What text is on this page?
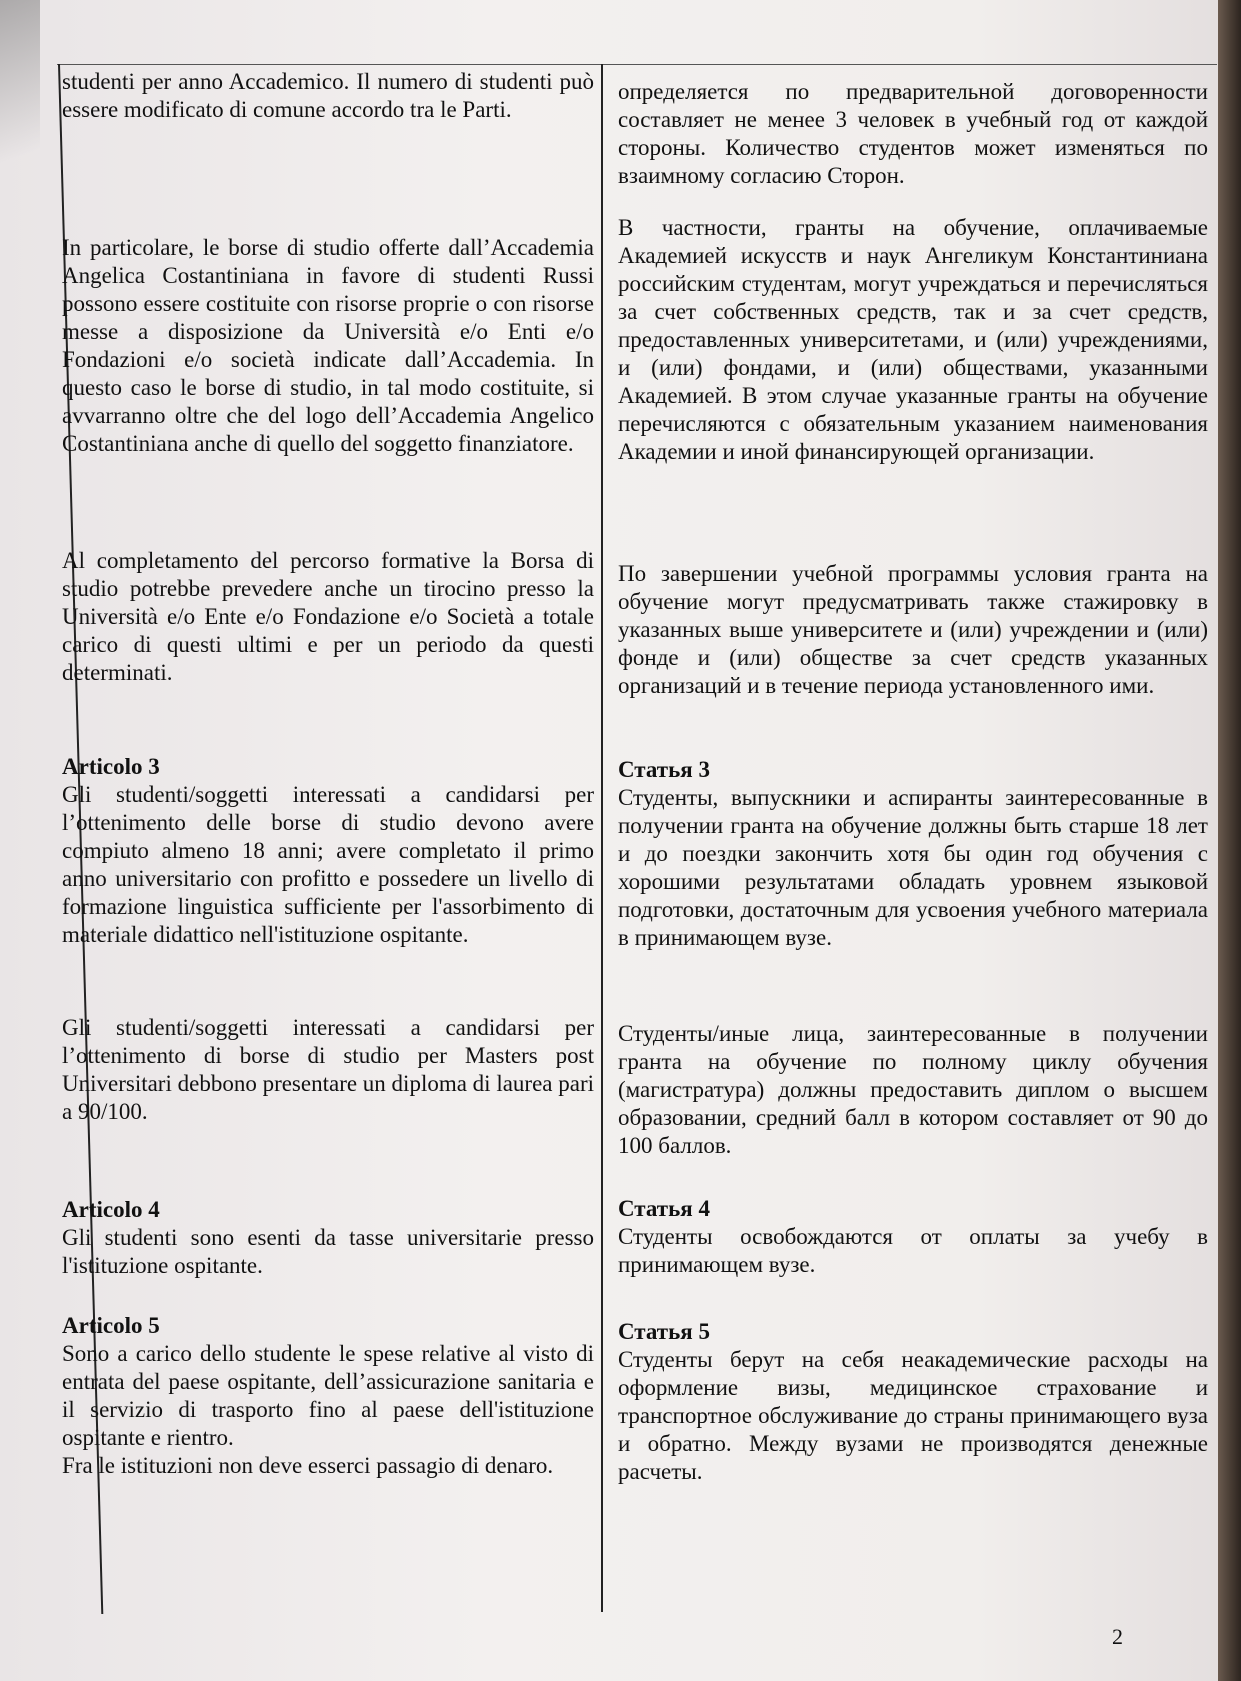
studenti per anno Accademico. Il numero di studenti può essere modificato di comune accordo tra le Parti.

In particolare, le borse di studio offerte dall’Accademia Angelica Costantiniana in favore di studenti Russi possono essere costituite con risorse proprie o con risorse messe a disposizione da Università e/o Enti e/o Fondazioni e/o società indicate dall’Accademia. In questo caso le borse di studio, in tal modo costituite, si avvarranno oltre che del logo dell’Accademia Angelico Costantiniana anche di quello del soggetto finanziatore.

Al completamento del percorso formative la Borsa di studio potrebbe prevedere anche un tirocino presso la Università e/o Ente e/o Fondazione e/o Società a totale carico di questi ultimi e per un periodo da questi determinati.

Articolo 3

Gli studenti/soggetti interessati a candidarsi per l’ottenimento delle borse di studio devono avere compiuto almeno 18 anni; avere completato il primo anno universitario con profitto e possedere un livello di formazione linguistica sufficiente per l'assorbimento di materiale didattico nell'istituzione ospitante.

Gli studenti/soggetti interessati a candidarsi per l’ottenimento di borse di studio per Masters post Universitari debbono presentare un diploma di laurea pari a 90/100.

Articolo 4

Gli studenti sono esenti da tasse universitarie presso l'istituzione ospitante.

Articolo 5

Sono a carico dello studente le spese relative al visto di entrata del paese ospitante, dell’assicurazione sanitaria e il servizio di trasporto fino al paese dell'istituzione ospitante e rientro.

Fra le istituzioni non deve esserci passagio di denaro.

определяется по предварительной договоренности составляет не менее 3 человек в учебный год от каждой стороны. Количество студентов может изменяться по взаимному согласию Сторон.

В частности, гранты на обучение, оплачиваемые Академией искусств и наук Ангеликум Константиниана российским студентам, могут учреждаться и перечисляться за счет собственных средств, так и за счет средств, предоставленных университетами, и (или) учреждениями, и (или) фондами, и (или) обществами, указанными Академией. В этом случае указанные гранты на обучение перечисляются с обязательным указанием наименования Академии и иной финансирующей организации.

По завершении учебной программы условия гранта на обучение могут предусматривать также стажировку в указанных выше университете и (или) учреждении и (или) фонде и (или) обществе за счет средств указанных организаций и в течение периода установленного ими.

Статья 3

Студенты, выпускники и аспиранты заинтересованные в получении гранта на обучение должны быть старше 18 лет и до поездки закончить хотя бы один год обучения с хорошими результатами обладать уровнем языковой подготовки, достаточным для усвоения учебного материала в принимающем вузе.

Студенты/иные лица, заинтересованные в получении гранта на обучение по полному циклу обучения (магистратура) должны предоставить диплом о высшем образовании, средний балл в котором составляет от 90 до 100 баллов.

Статья 4

Студенты освобождаются от оплаты за учебу в принимающем вузе.

Статья 5

Студенты берут на себя неакадемические расходы на оформление визы, медицинское страхование и транспортное обслуживание до страны принимающего вуза и обратно. Между вузами не производятся денежные расчеты.

2
